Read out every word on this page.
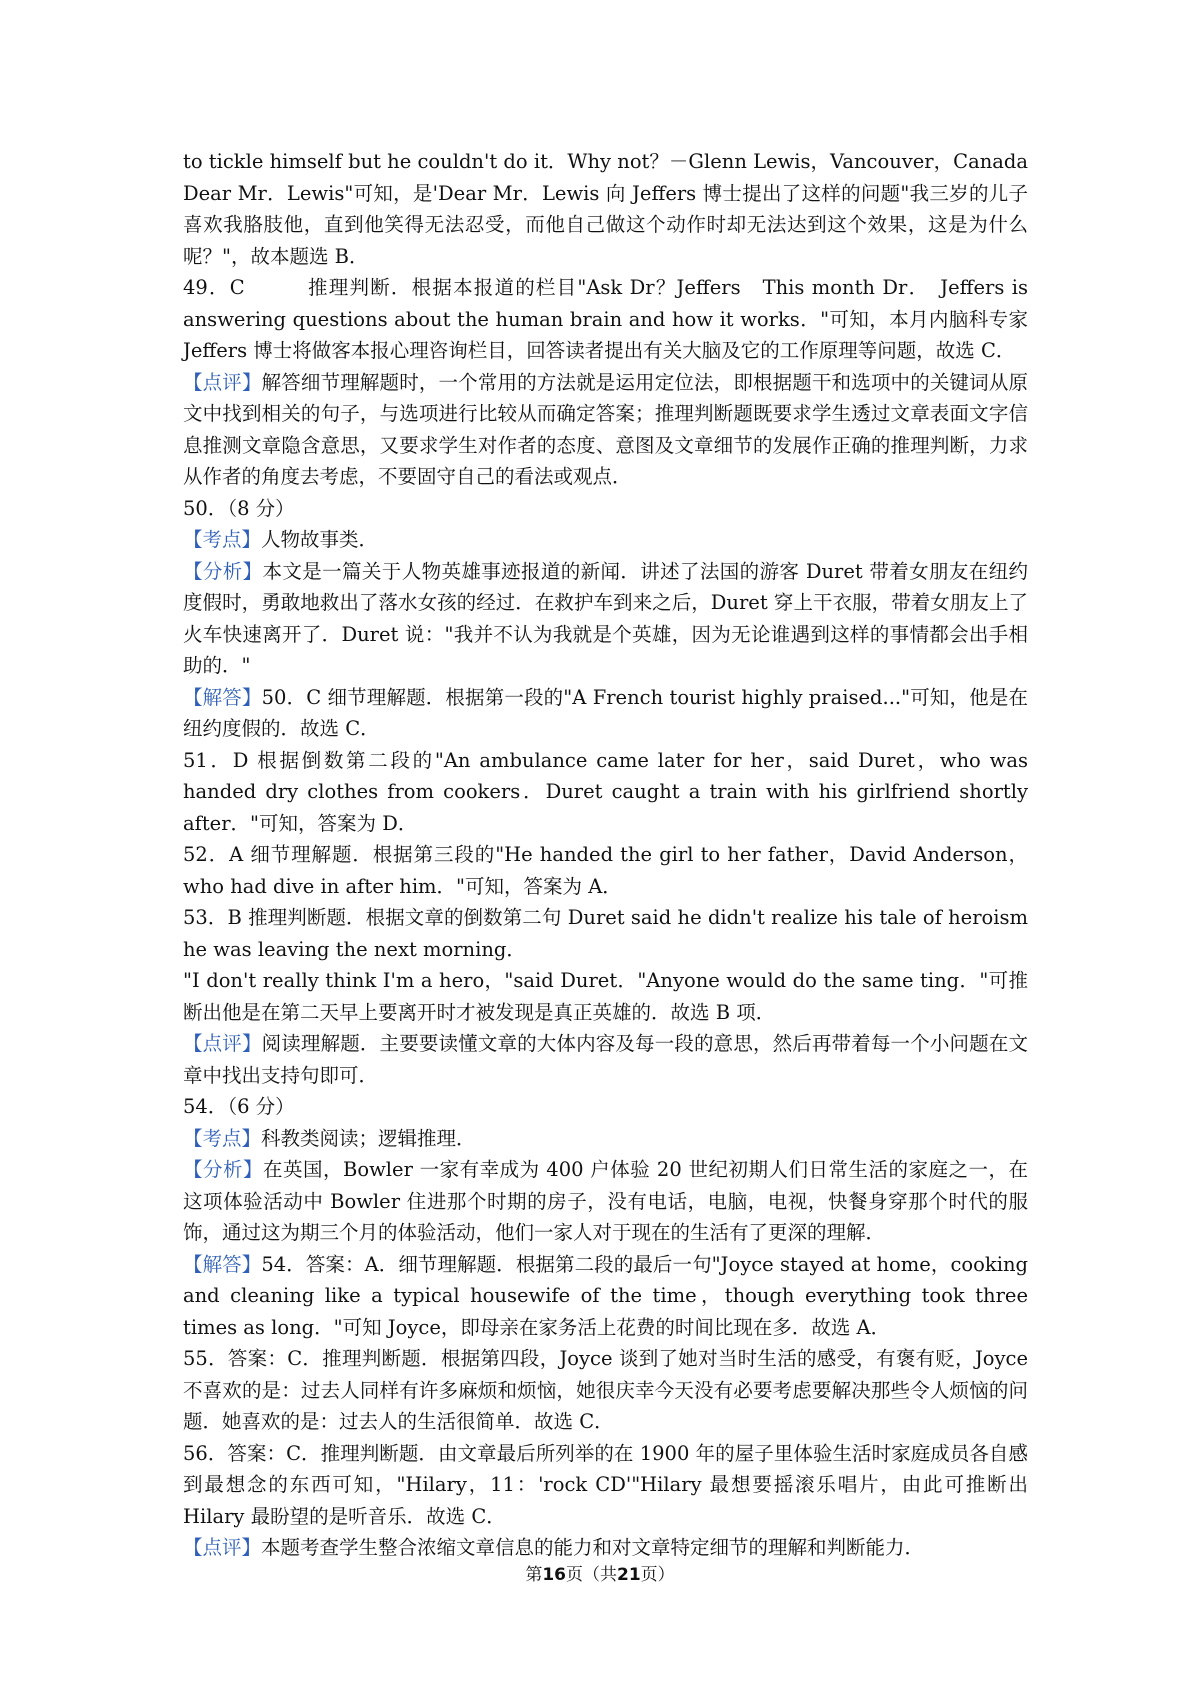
to tickle himself but he couldn't do it．Why not？－Glenn Lewis，Vancouver，Canada　　Dear Mr．Lewis"可知，是'Dear Mr．Lewis 向 Jeffers 博士提出了这样的问题"我三岁的儿子喜欢我胳肢他，直到他笑得无法忍受，而他自己做这个动作时却无法达到这个效果，这是为什么呢？"，故本题选 B．

49．C　　　推理判断．根据本报道的栏目"Ask Dr？Jeffers　This month Dr．　Jeffers is answering questions about the human brain and how it works．"可知，本月内脑科专家 Jeffers 博士将做客本报心理咨询栏目，回答读者提出有关大脑及它的工作原理等问题，故选 C．

【点评】解答细节理解题时，一个常用的方法就是运用定位法，即根据题干和选项中的关键词从原文中找到相关的句子，与选项进行比较从而确定答案；推理判断题既要求学生透过文章表面文字信息推测文章隐含意思，又要求学生对作者的态度、意图及文章细节的发展作正确的推理判断，力求从作者的角度去考虑，不要固守自己的看法或观点．

50．（8 分）

【考点】人物故事类．

【分析】本文是一篇关于人物英雄事迹报道的新闻．讲述了法国的游客 Duret 带着女朋友在纽约度假时，勇敢地救出了落水女孩的经过．在救护车到来之后，Duret 穿上干衣服，带着女朋友上了火车快速离开了．Duret 说："我并不认为我就是个英雄，因为无论谁遇到这样的事情都会出手相助的．"

【解答】50．C 细节理解题．根据第一段的"A French tourist highly praised..."可知，他是在纽约度假的．故选 C．

51．D 根据倒数第二段的"An ambulance came later for her，said Duret，who was handed dry clothes from cookers．Duret caught a train with his girlfriend shortly after．"可知，答案为 D．

52．A 细节理解题．根据第三段的"He handed the girl to her father，David Anderson，who had dive in after him．"可知，答案为 A．

53．B 推理判断题．根据文章的倒数第二句 Duret said he didn't realize his tale of heroism he was leaving the next morning．

"I don't really think I'm a hero，"said Duret．"Anyone would do the same ting．"可推断出他是在第二天早上要离开时才被发现是真正英雄的．故选 B 项．

【点评】阅读理解题．主要要读懂文章的大体内容及每一段的意思，然后再带着每一个小问题在文章中找出支持句即可．

54．（6 分）

【考点】科教类阅读；逻辑推理．

【分析】在英国，Bowler 一家有幸成为 400 户体验 20 世纪初期人们日常生活的家庭之一，在这项体验活动中 Bowler 住进那个时期的房子，没有电话，电脑，电视，快餐身穿那个时代的服饰，通过这为期三个月的体验活动，他们一家人对于现在的生活有了更深的理解．

【解答】54．答案：A．细节理解题．根据第二段的最后一句"Joyce stayed at home，cooking and cleaning like a typical housewife of the time，though everything took three times as long．"可知 Joyce，即母亲在家务活上花费的时间比现在多．故选 A．

55．答案：C．推理判断题．根据第四段，Joyce 谈到了她对当时生活的感受，有褒有贬，Joyce 不喜欢的是：过去人同样有许多麻烦和烦恼，她很庆幸今天没有必要考虑要解决那些令人烦恼的问题．她喜欢的是：过去人的生活很简单．故选 C．

56．答案：C．推理判断题．由文章最后所列举的在 1900 年的屋子里体验生活时家庭成员各自感到最想念的东西可知，"Hilary，11：'rock CD'"Hilary 最想要摇滚乐唱片，由此可推断出 Hilary 最盼望的是听音乐．故选 C．

【点评】本题考查学生整合浓缩文章信息的能力和对文章特定细节的理解和判断能力．

第16页（共21页）
